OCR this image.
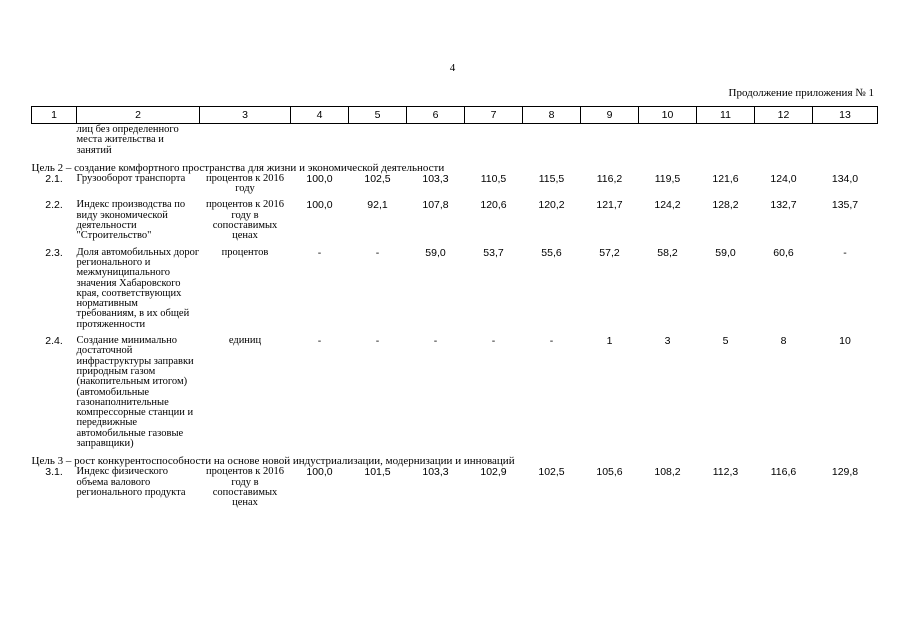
4
Продолжение приложения № 1
1	2	3	4	5	6	7	8	9	10	11	12	13
	лиц без определенного места жительства и занятий											
Цель 2 – создание комфортного пространства для жизни и экономической деятельности												
2.1.	Грузооборот транспорта	процентов к 2016 году	100,0	102,5	103,3	110,5	115,5	116,2	119,5	121,6	124,0	134,0
2.2.	Индекс производства по виду экономической деятельности "Строительство"	процентов к 2016 году в сопоставимых ценах	100,0	92,1	107,8	120,6	120,2	121,7	124,2	128,2	132,7	135,7
2.3.	Доля автомобильных дорог регионального и межмуниципального значения Хабаровского края, соответствующих нормативным требованиям, в их общей протяженности	процентов	-	-	59,0	53,7	55,6	57,2	58,2	59,0	60,6	-
2.4.	Создание минимально достаточной инфраструктуры заправки природным газом (накопительным итогом) (автомобильные газонаполнительные компрессорные станции и передвижные автомобильные газовые заправщики)	единиц	-	-	-	-	-	1	3	5	8	10
Цель 3 – рост конкурентоспособности на основе новой индустриализации, модернизации и инноваций												
3.1.	Индекс физического объема валового регионального продукта	процентов к 2016 году в сопоставимых ценах	100,0	101,5	103,3	102,9	102,5	105,6	108,2	112,3	116,6	129,8
